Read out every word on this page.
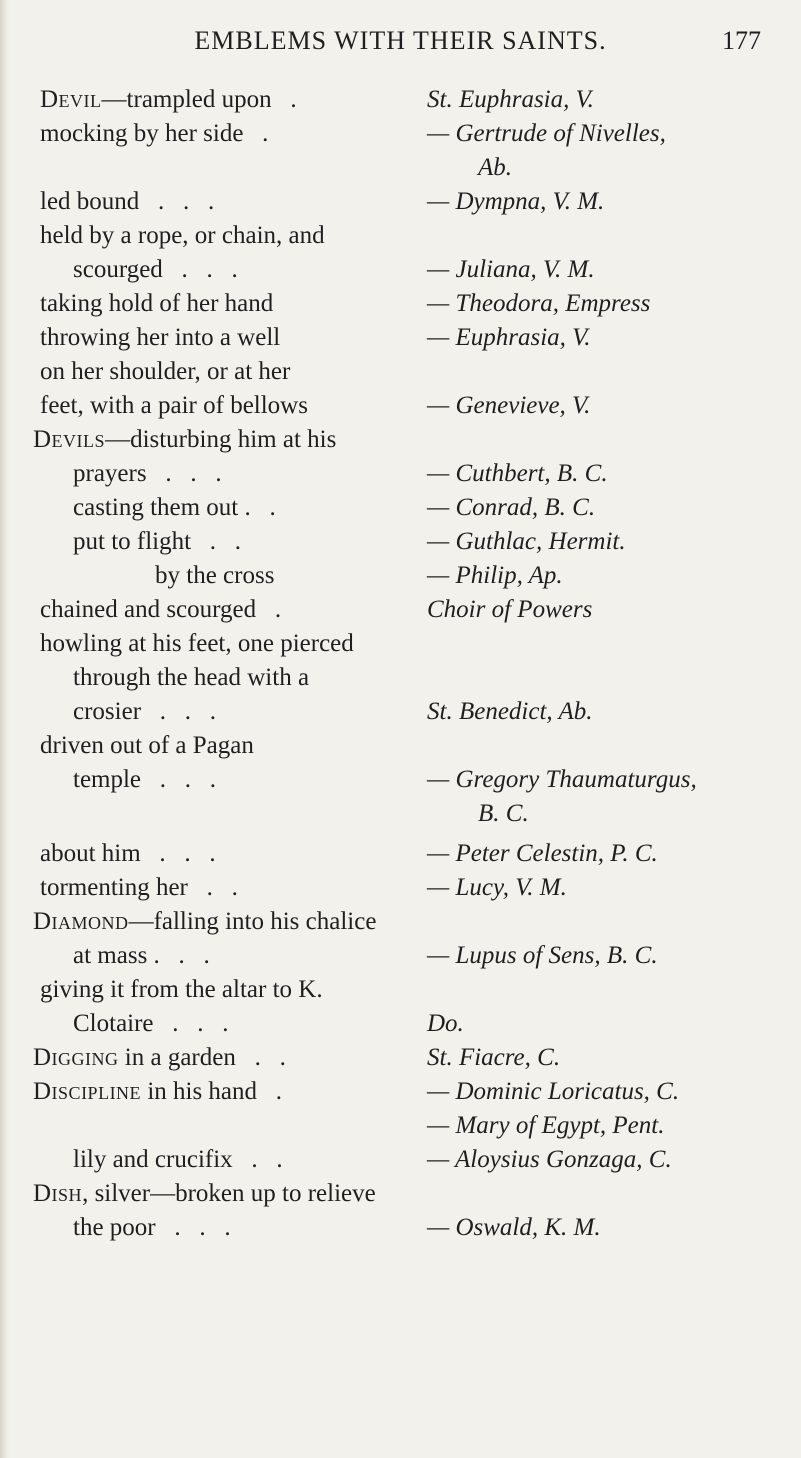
EMBLEMS WITH THEIR SAINTS.	177
Devil—trampled upon   .	St. Euphrasia, V.
mocking by her side   .	— Gertrude of Nivelles,
Ab.
led bound   .   .   .	— Dympna, V. M.
held by a rope, or chain, and
scourged   .   .   .	— Juliana, V. M.
taking hold of her hand	— Theodora, Empress
throwing her into a well	— Euphrasia, V.
on her shoulder, or at her
feet, with a pair of bellows	— Genevieve, V.
Devils—disturbing him at his
prayers   .   .   .	— Cuthbert, B. C.
casting them out .   .	— Conrad, B. C.
put to flight   .   .	— Guthlac, Hermit.
by the cross	— Philip, Ap.
chained and scourged   .	Choir of Powers
howling at his feet, one pierced
through the head with a
crosier   .   .   .	St. Benedict, Ab.
driven out of a Pagan
temple   .   .   .	— Gregory Thaumaturgus,
B. C.
about him   .   .   .	— Peter Celestin, P. C.
tormenting her   .   .	— Lucy, V. M.
Diamond—falling into his chalice
at mass .   .   .	— Lupus of Sens, B. C.
giving it from the altar to K.
Clotaire   .   .   .	Do.
Digging in a garden   .   .	St. Fiacre, C.
Discipline in his hand   .	— Dominic Loricatus, C.
— Mary of Egypt, Pent.
lily and crucifix   .   .	— Aloysius Gonzaga, C.
Dish, silver—broken up to relieve
the poor   .   .   .	— Oswald, K. M.
